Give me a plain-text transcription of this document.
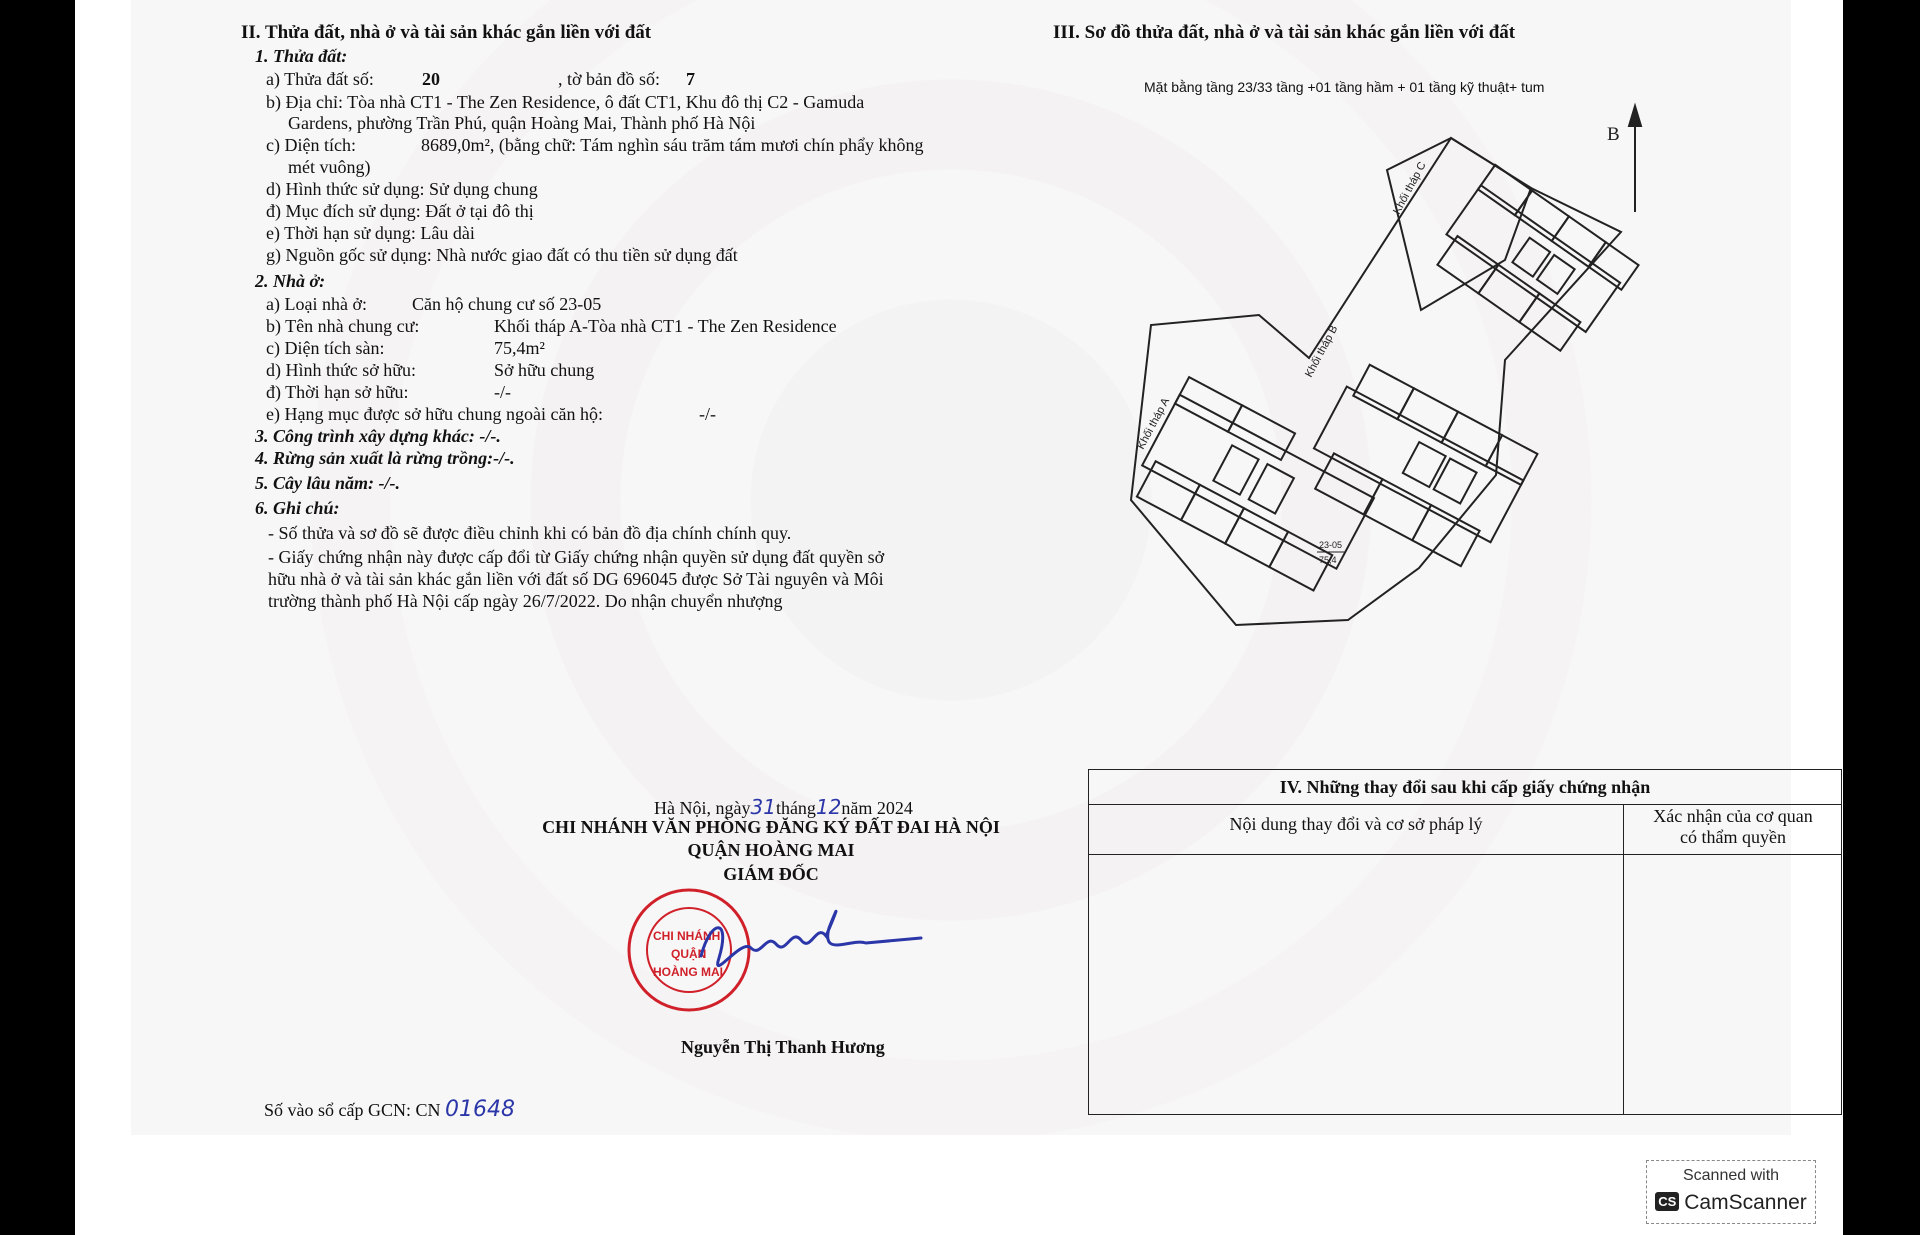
II. Thửa đất, nhà ở và tài sản khác gắn liền với đất
1. Thửa đất:
a) Thửa đất số:	20	, tờ bản đồ số: 7
b) Địa chỉ: Tòa nhà CT1 - The Zen Residence, ô đất CT1, Khu đô thị C2 - Gamuda
Gardens, phường Trần Phú, quận Hoàng Mai, Thành phố Hà Nội
c) Diện tích:	8689,0m², (bằng chữ: Tám nghìn sáu trăm tám mươi chín phẩy không
mét vuông)
d) Hình thức sử dụng: Sử dụng chung
đ) Mục đích sử dụng: Đất ở tại đô thị
e) Thời hạn sử dụng: Lâu dài
g) Nguồn gốc sử dụng: Nhà nước giao đất có thu tiền sử dụng đất
2. Nhà ở:
a) Loại nhà ở:	Căn hộ chung cư số 23-05
b) Tên nhà chung cư:	Khối tháp A-Tòa nhà CT1 - The Zen Residence
c) Diện tích sàn:	75,4m²
d) Hình thức sở hữu:	Sở hữu chung
đ) Thời hạn sở hữu:	-/-
e) Hạng mục được sở hữu chung ngoài căn hộ:	-/-
3. Công trình xây dựng khác: -/-.
4. Rừng sản xuất là rừng trồng:-/-.
5. Cây lâu năm: -/-.
6. Ghi chú:
- Số thửa và sơ đồ sẽ được điều chỉnh khi có bản đồ địa chính chính quy.
- Giấy chứng nhận này được cấp đổi từ Giấy chứng nhận quyền sử dụng đất quyền sở
hữu nhà ở và tài sản khác gắn liền với đất số DG 696045 được Sở Tài nguyên và Môi
trường thành phố Hà Nội cấp ngày 26/7/2022. Do nhận chuyển nhượng
III. Sơ đồ thửa đất, nhà ở và tài sản khác gắn liền với đất
Mặt bằng tầng 23/33 tầng +01 tầng hầm + 01 tầng kỹ thuật+ tum
B
Khối tháp C
Khối tháp B
Khối tháp A
23-05
75,4
Hà Nội, ngày31tháng12năm 2024
CHI NHÁNH VĂN PHÒNG ĐĂNG KÝ ĐẤT ĐAI HÀ NỘI
QUẬN HOÀNG MAI
GIÁM ĐỐC
CHI NHÁNH
QUẬN
HOÀNG MAI
Nguyễn Thị Thanh Hương
Số vào sổ cấp GCN: CN 01648
IV. Những thay đổi sau khi cấp giấy chứng nhận
Nội dung thay đổi và cơ sở pháp lý	Xác nhận của cơ quan
có thẩm quyền
Scanned with
CS CamScanner
